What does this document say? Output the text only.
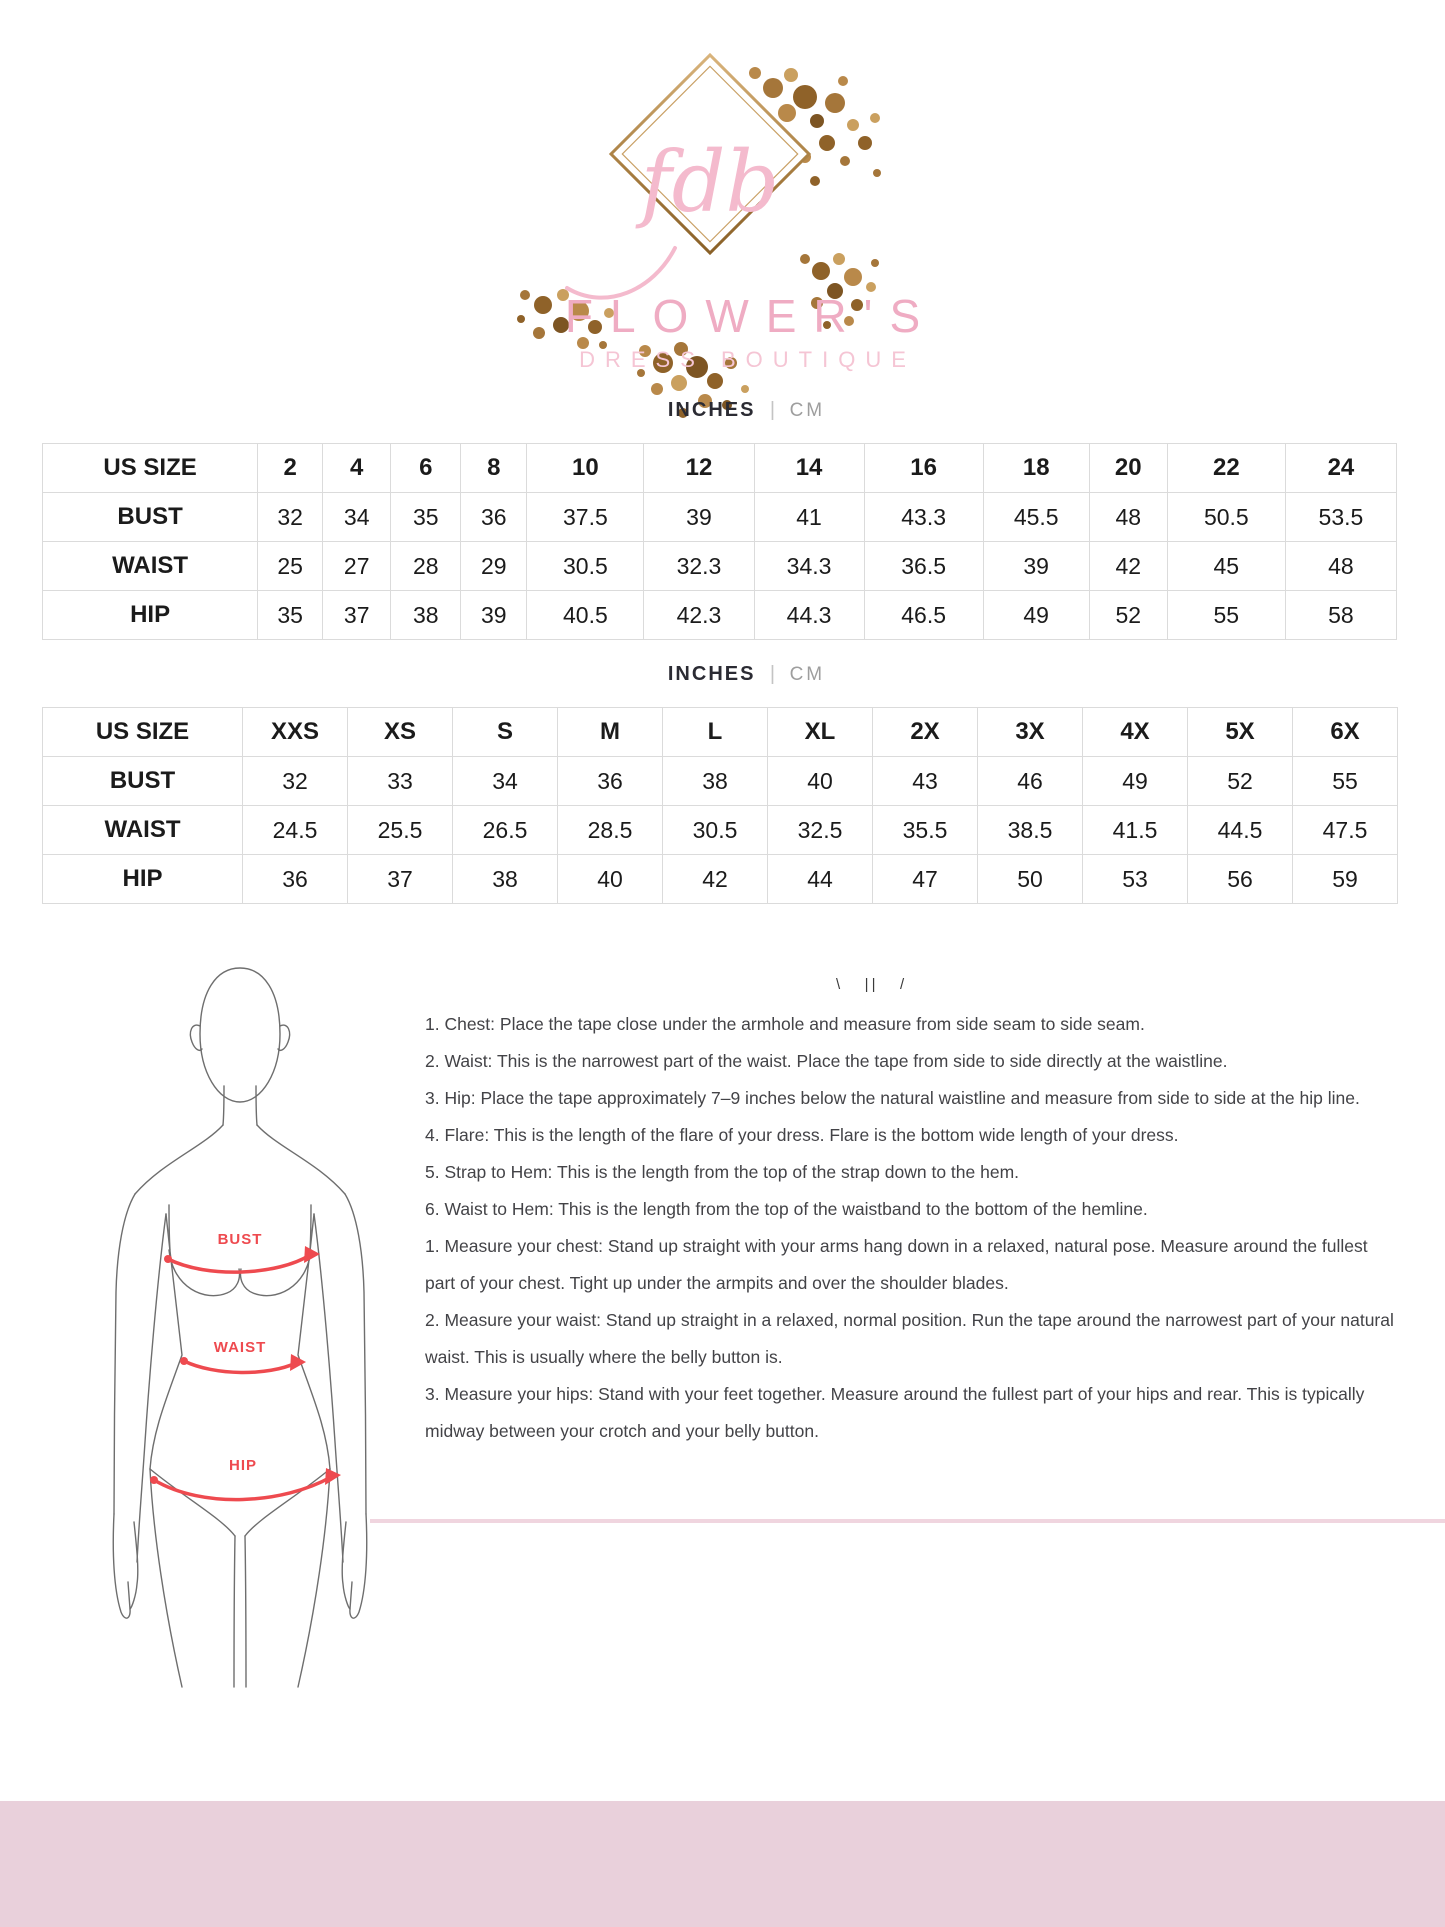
fdb
FLOWER'S
DRESS BOUTIQUE
INCHES | CM
US SIZE	2	4	6	8	10	12	14	16	18	20	22	24
BUST	32	34	35	36	37.5	39	41	43.3	45.5	48	50.5	53.5
WAIST	25	27	28	29	30.5	32.3	34.3	36.5	39	42	45	48
HIP	35	37	38	39	40.5	42.3	44.3	46.5	49	52	55	58
INCHES | CM
US SIZE	XXS	XS	S	M	L	XL	2X	3X	4X	5X	6X
BUST	32	33	34	36	38	40	43	46	49	52	55
WAIST	24.5	25.5	26.5	28.5	30.5	32.5	35.5	38.5	41.5	44.5	47.5
HIP	36	37	38	40	42	44	47	50	53	56	59
BUST
WAIST
HIP
\   ||   /

1. Chest: Place the tape close under the armhole and measure from side seam to side seam.

2. Waist: This is the narrowest part of the waist. Place the tape from side to side directly at the waistline.

3. Hip: Place the tape approximately 7–9 inches below the natural waistline and measure from side to side at the hip line.

4. Flare: This is the length of the flare of your dress. Flare is the bottom wide length of your dress.

5. Strap to Hem: This is the length from the top of the strap down to the hem.

6. Waist to Hem: This is the length from the top of the waistband to the bottom of the hemline.

1. Measure your chest: Stand up straight with your arms hang down in a relaxed, natural pose. Measure around the fullest part of your chest. Tight up under the armpits and over the shoulder blades.

2. Measure your waist: Stand up straight in a relaxed, normal position. Run the tape around the narrowest part of your natural waist. This is usually where the belly button is.

3. Measure your hips: Stand with your feet together. Measure around the fullest part of your hips and rear. This is typically midway between your crotch and your belly button.
